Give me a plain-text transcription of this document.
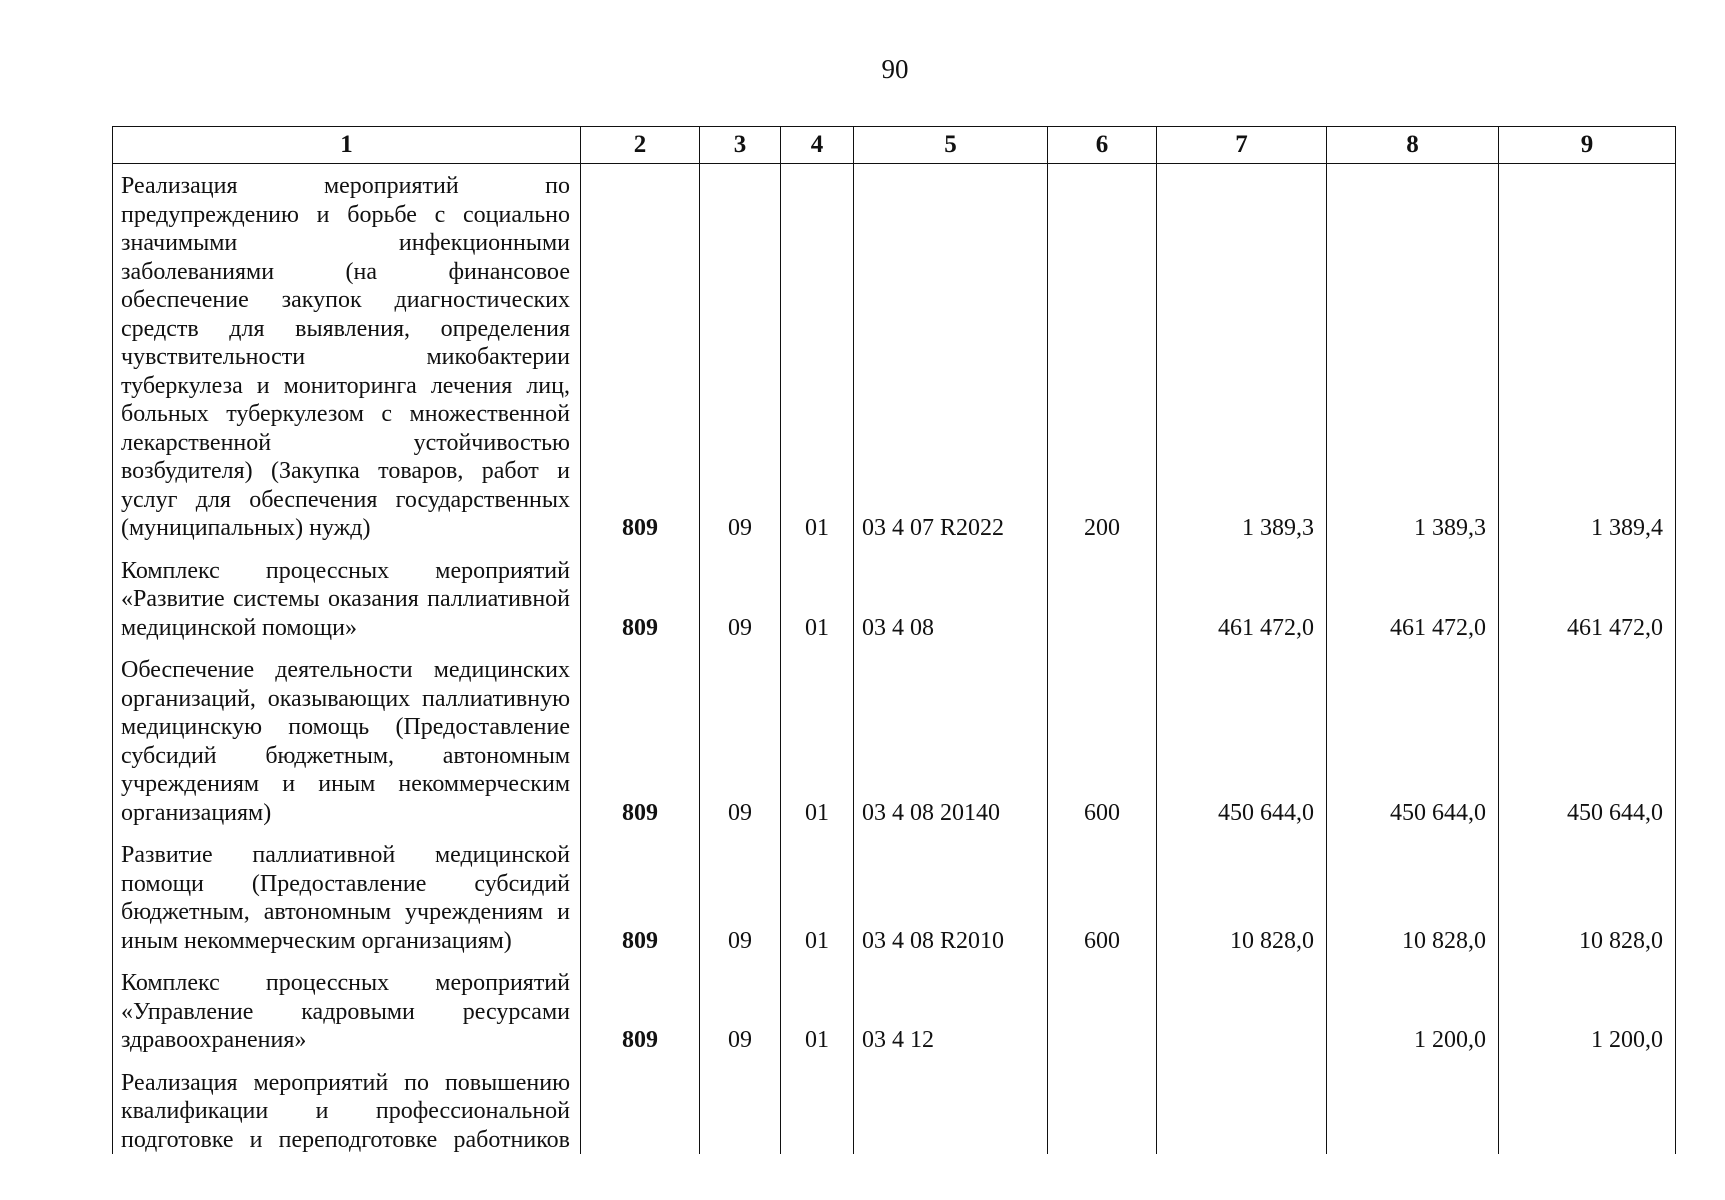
90
1	2	3	4	5	6	7	8	9
Реализация мероприятий по предупреждению и борьбе с социально значимыми инфекционными заболеваниями (на финансовое обеспечение закупок диагностических средств для выявления, определения чувствительности микобактерии туберкулеза и мониторинга лечения лиц, больных туберкулезом с множественной лекарственной устойчивостью возбудителя) (Закупка товаров, работ и услуг для обеспечения государственных (муниципальных) нужд)	809	09	01	03 4 07 R2022	200	1 389,3	1 389,3	1 389,4
Комплекс процессных мероприятий «Развитие системы оказания паллиативной медицинской помощи»	809	09	01	03 4 08		461 472,0	461 472,0	461 472,0
Обеспечение деятельности медицинских организаций, оказывающих паллиативную медицинскую помощь (Предоставление субсидий бюджетным, автономным учреждениям и иным некоммерческим организациям)	809	09	01	03 4 08 20140	600	450 644,0	450 644,0	450 644,0
Развитие паллиативной медицинской помощи (Предоставление субсидий бюджетным, автономным учреждениям и иным некоммерческим организациям)	809	09	01	03 4 08 R2010	600	10 828,0	10 828,0	10 828,0
Комплекс процессных мероприятий «Управление кадровыми ресурсами здравоохранения»	809	09	01	03 4 12			1 200,0	1 200,0
Реализация мероприятий по повышению квалификации и профессиональной подготовке и переподготовке работников								
